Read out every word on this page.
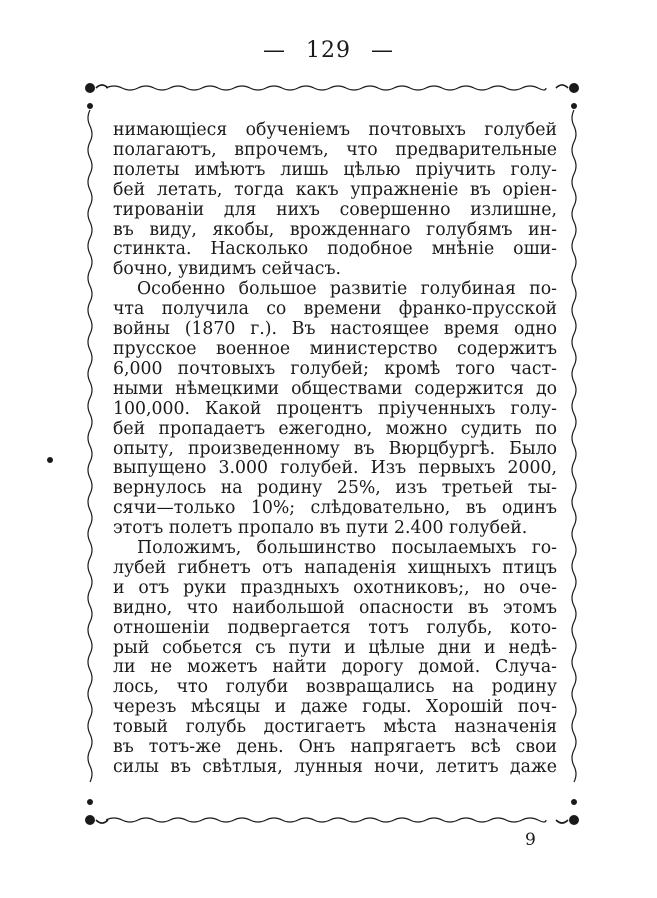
— 129 —

нимающіеся обученіемъ почтовыхъ голубей
полагаютъ, впрочемъ, что предварительные
полеты имѣютъ лишь цѣлью пріучить голу-
бей летать, тогда какъ упражненіе въ оріен-
тированіи для нихъ совершенно излишне,
въ виду, якобы, врожденнаго голубямъ ин-
стинкта. Насколько подобное мнѣніе оши-
бочно, увидимъ сейчасъ.

Особенно большое развитіе голубиная по-
чта получила со времени франко-прусской
войны (1870 г.). Въ настоящее время одно
прусское военное министерство содержитъ
6,000 почтовыхъ голубей; кромѣ того част-
ными нѣмецкими обществами содержится до
100,000. Какой процентъ пріученныхъ голу-
бей пропадаетъ ежегодно, можно судить по
опыту, произведенному въ Вюрцбургѣ. Было
выпущено 3.000 голубей. Изъ первыхъ 2000,
вернулось на родину 25%, изъ третьей ты-
сячи—только 10%; слѣдовательно, въ одинъ
этотъ полетъ пропало въ пути 2.400 голубей.

Положимъ, большинство посылаемыхъ го-
лубей гибнетъ отъ нападенія хищныхъ птицъ
и отъ руки праздныхъ охотниковъ;, но оче-
видно, что наибольшой опасности въ этомъ
отношеніи подвергается тотъ голубь, кото-
рый собьется съ пути и цѣлые дни и недѣ-
ли не можетъ найти дорогу домой. Случа-
лось, что голуби возвращались на родину
черезъ мѣсяцы и даже годы. Хорошій поч-
товый голубь достигаетъ мѣста назначенія
въ тотъ-же день. Онъ напрягаетъ всѣ свои
силы въ свѣтлыя, лунныя ночи, летитъ даже

9
